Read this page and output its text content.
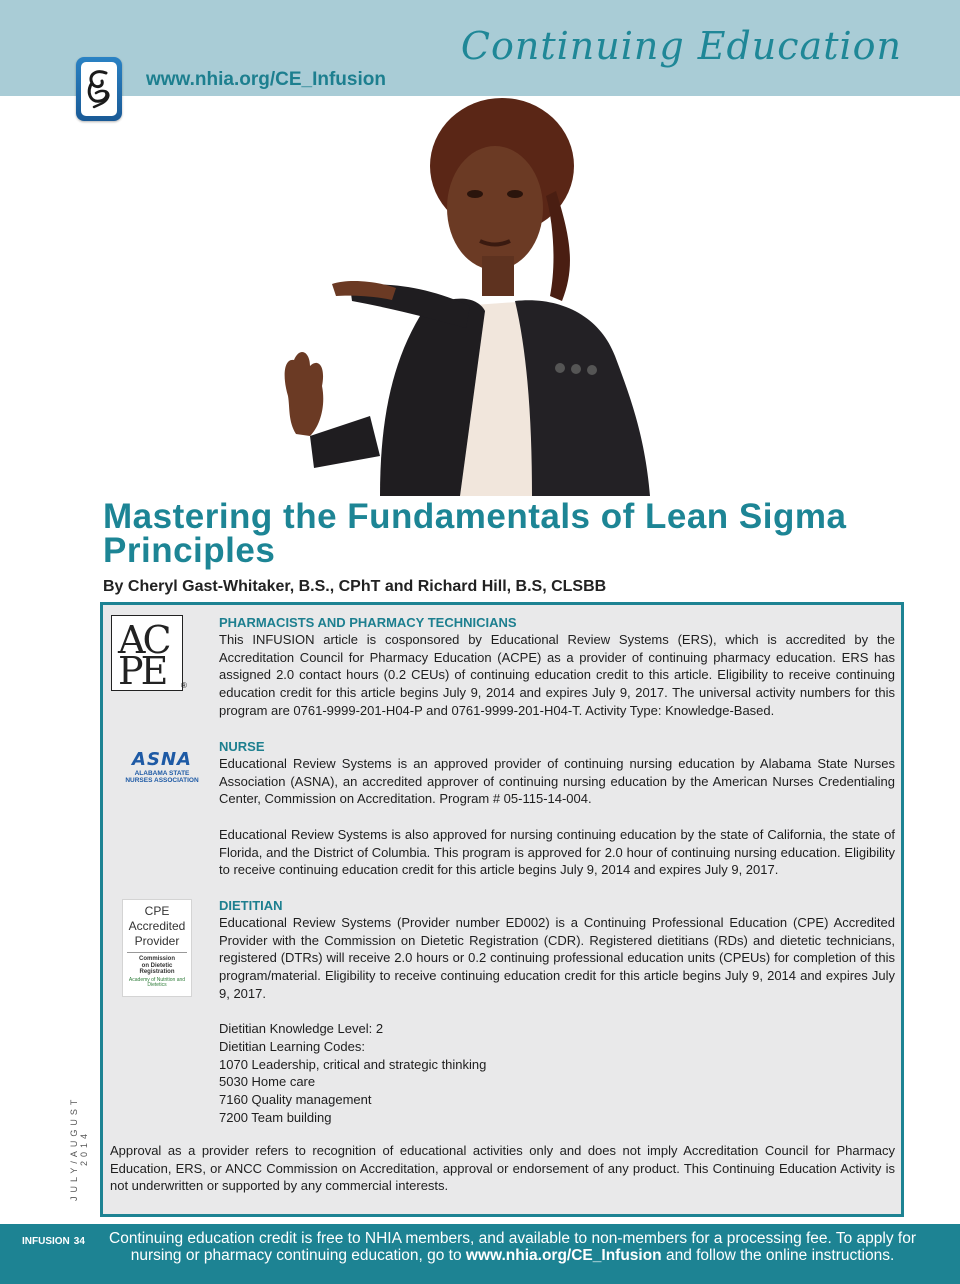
Continuing Education
www.nhia.org/CE_Infusion
Mastering the Fundamentals of Lean Sigma Principles
By Cheryl Gast-Whitaker, B.S., CPhT and Richard Hill, B.S, CLSBB
AC
PE ®
ASNA
ALABAMA STATE
NURSES ASSOCIATION
CPE
Accredited
Provider
Commission
on Dietetic
Registration
Academy of Nutrition and Dietetics
PHARMACISTS AND PHARMACY TECHNICIANS
This INFUSION article is cosponsored by Educational Review Systems (ERS), which is accredited by the Accreditation Council for Pharmacy Education (ACPE) as a provider of continuing pharmacy education. ERS has assigned 2.0 contact hours (0.2 CEUs) of continuing education credit to this article. Eligibility to receive continuing education credit for this article begins July 9, 2014 and expires July 9, 2017. The universal activity numbers for this program are 0761-9999-201-H04-P and 0761-9999-201-H04-T. Activity Type: Knowledge-Based.
NURSE
Educational Review Systems is an approved provider of continuing nursing education by Alabama State Nurses Association (ASNA), an accredited approver of continuing nursing education by the American Nurses Credentialing Center, Commission on Accreditation. Program # 05-115-14-004.
Educational Review Systems is also approved for nursing continuing education by the state of California, the state of Florida, and the District of Columbia. This program is approved for 2.0 hour of continuing nursing education. Eligibility to receive continuing education credit for this article begins July 9, 2014 and expires July 9, 2017.
DIETITIAN
Educational Review Systems (Provider number ED002) is a Continuing Professional Education (CPE) Accredited Provider with the Commission on Dietetic Registration (CDR). Registered dietitians (RDs) and dietetic technicians, registered (DTRs) will receive 2.0 hours or 0.2 continuing professional education units (CPEUs) for completion of this program/material. Eligibility to receive continuing education credit for this article begins July 9, 2014 and expires July 9, 2017.
Dietitian Knowledge Level: 2
Dietitian Learning Codes:
1070 Leadership, critical and strategic thinking
5030 Home care
7160 Quality management
7200 Team building
Approval as a provider refers to recognition of educational activities only and does not imply Accreditation Council for Pharmacy Education, ERS, or ANCC Commission on Accreditation, approval or endorsement of any product. This Continuing Education Activity is not underwritten or supported by any commercial interests.
JULY/AUGUST 2014
INFUSION 34 Continuing education credit is free to NHIA members, and available to non-members for a processing fee. To apply for
nursing or pharmacy continuing education, go to www.nhia.org/CE_Infusion and follow the online instructions.
